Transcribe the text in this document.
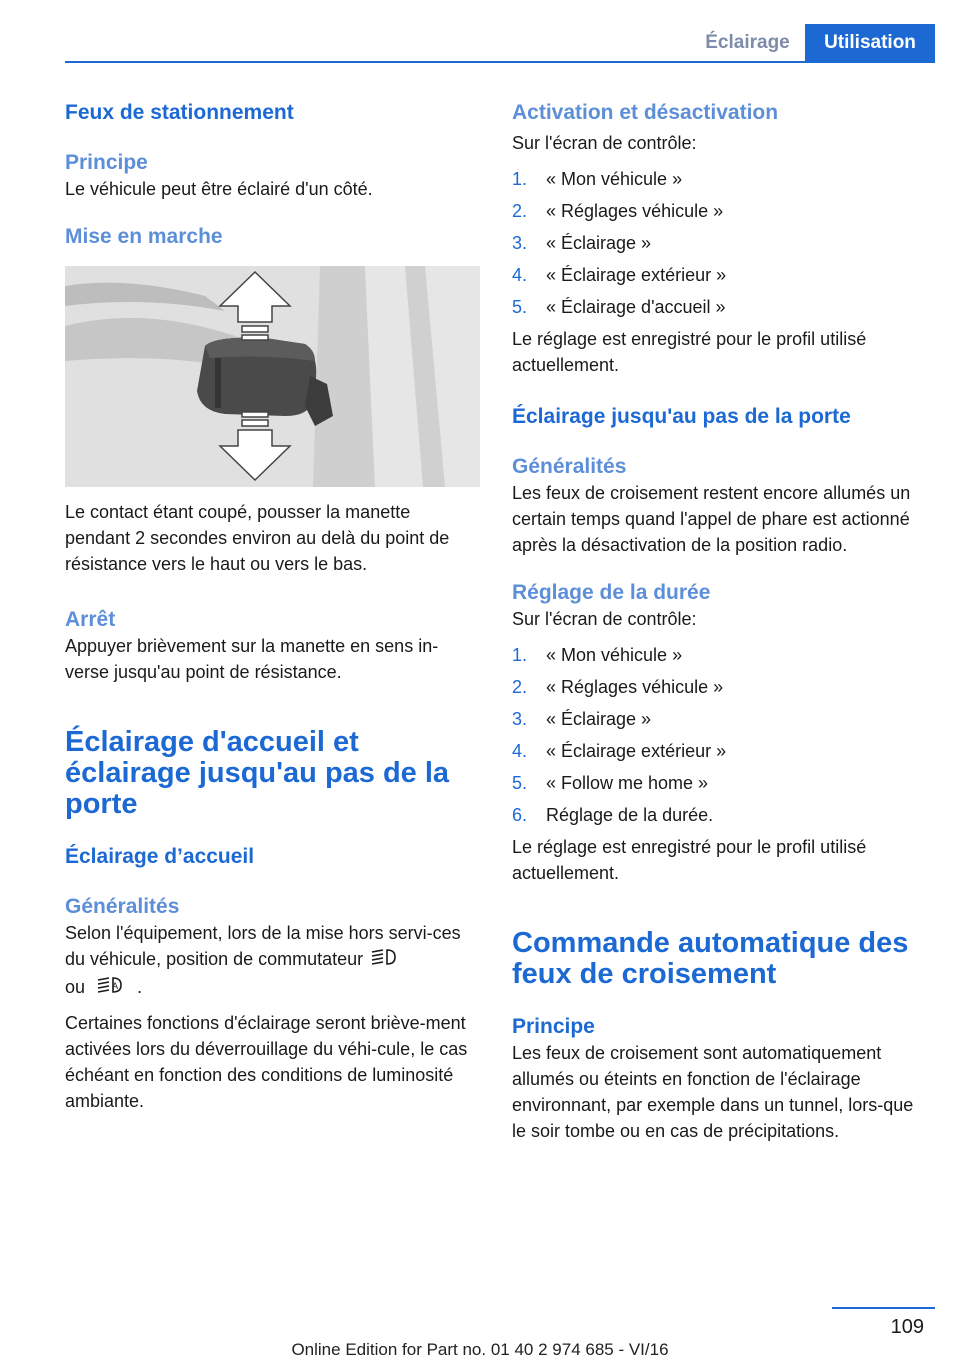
Éclairage	Utilisation
Feux de stationnement
Principe

Le véhicule peut être éclairé d'un côté.

Mise en marche

Le contact étant coupé, pousser la manette pendant 2 secondes environ au delà du point de résistance vers le haut ou vers le bas.

Arrêt

Appuyer brièvement sur la manette en sens in-verse jusqu'au point de résistance.

Éclairage d'accueil et éclairage jusqu'au pas de la porte
Éclairage d’accueil
Généralités

Selon l'équipement, lors de la mise hors servi-ces du véhicule, position de commutateur
ou	A .

Certaines fonctions d'éclairage seront briève-ment activées lors du déverrouillage du véhi-cule, le cas échéant en fonction des conditions de luminosité ambiante.

Activation et désactivation

Sur l'écran de contrôle:

1.	« Mon véhicule »
2.	« Réglages véhicule »
3.	« Éclairage »
4.	« Éclairage extérieur »
5.	« Éclairage d'accueil »

Le réglage est enregistré pour le profil utilisé actuellement.

Éclairage jusqu'au pas de la porte
Généralités

Les feux de croisement restent encore allumés un certain temps quand l'appel de phare est actionné après la désactivation de la position radio.

Réglage de la durée

Sur l'écran de contrôle:

1.	« Mon véhicule »
2.	« Réglages véhicule »
3.	« Éclairage »
4.	« Éclairage extérieur »
5.	« Follow me home »
6.	Réglage de la durée.

Le réglage est enregistré pour le profil utilisé actuellement.

Commande automatique des feux de croisement
Principe

Les feux de croisement sont automatiquement allumés ou éteints en fonction de l'éclairage environnant, par exemple dans un tunnel, lors-que le soir tombe ou en cas de précipitations.

109
Online Edition for Part no. 01 40 2 974 685 - VI/16
